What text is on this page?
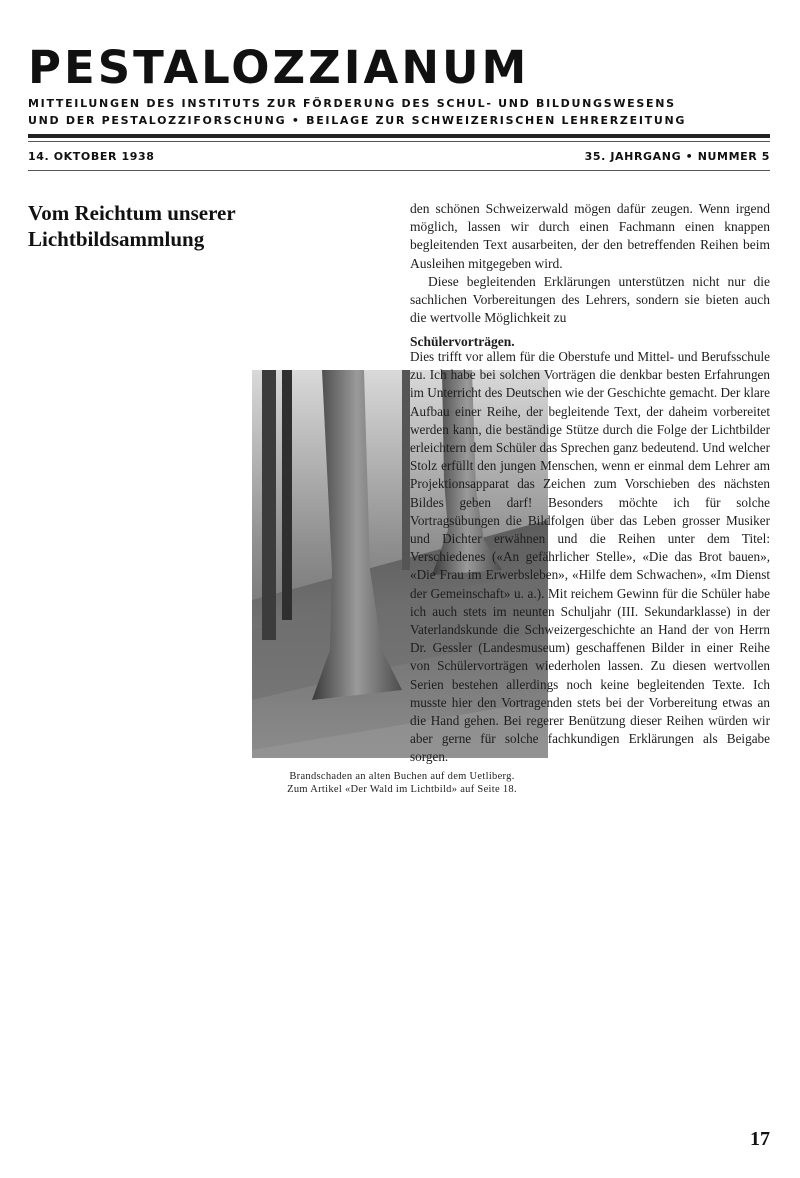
PESTALOZZIANUM
MITTEILUNGEN DES INSTITUTS ZUR FÖRDERUNG DES SCHUL- UND BILDUNGSWESENS
UND DER PESTALOZZIFORSCHUNG • BEILAGE ZUR SCHWEIZERISCHEN LEHRERZEITUNG
14. OKTOBER 1938	35. JAHRGANG • NUMMER 5
Vom Reichtum unserer Lichtbildsammlung

den schönen Schweizerwald mögen dafür zeugen. Wenn irgend möglich, lassen wir durch einen Fachmann einen knappen begleitenden Text ausarbeiten, der den betreffenden Reihen beim Ausleihen mitgegeben wird.

Diese begleitenden Erklärungen unterstützen nicht nur die sachlichen Vorbereitungen des Lehrers, sondern sie bieten auch die wertvolle Möglichkeit zu

Schülervorträgen.

Brandschaden an alten Buchen auf dem Uetliberg.
Zum Artikel «Der Wald im Lichtbild» auf Seite 18.

Dies trifft vor allem für die Oberstufe und Mittel- und Berufsschule zu. Ich habe bei solchen Vorträgen die denkbar besten Erfahrungen im Unterricht des Deutschen wie der Geschichte gemacht. Der klare Aufbau einer Reihe, der begleitende Text, der daheim vorbereitet werden kann, die beständige Stütze durch die Folge der Lichtbilder erleichtern dem Schüler das Sprechen ganz bedeutend. Und welcher Stolz erfüllt den jungen Menschen, wenn er einmal dem Lehrer am Projektionsapparat das Zeichen zum Vorschieben des nächsten Bildes geben darf! Besonders möchte ich für solche Vortragsübungen die Bildfolgen über das Leben grosser Musiker und Dichter erwähnen und die Reihen unter dem Titel: Verschiedenes («An gefährlicher Stelle», «Die das Brot bauen», «Die Frau im Erwerbsleben», «Hilfe dem Schwachen», «Im Dienst der Gemeinschaft» u. a.). Mit reichem Gewinn für die Schüler habe ich auch stets im neunten Schuljahr (III. Sekundarklasse) in der Vaterlandskunde die Schweizergeschichte an Hand der von Herrn Dr. Gessler (Landesmuseum) geschaffenen Bilder in einer Reihe von Schülervorträgen wiederholen lassen. Zu diesen wertvollen Serien bestehen allerdings noch keine begleitenden Texte. Ich musste hier den Vortragenden stets bei der Vorbereitung etwas an die Hand gehen. Bei regerer Benützung dieser Reihen würden wir aber gerne für solche fachkundigen Erklärungen als Beigabe sorgen.

17
